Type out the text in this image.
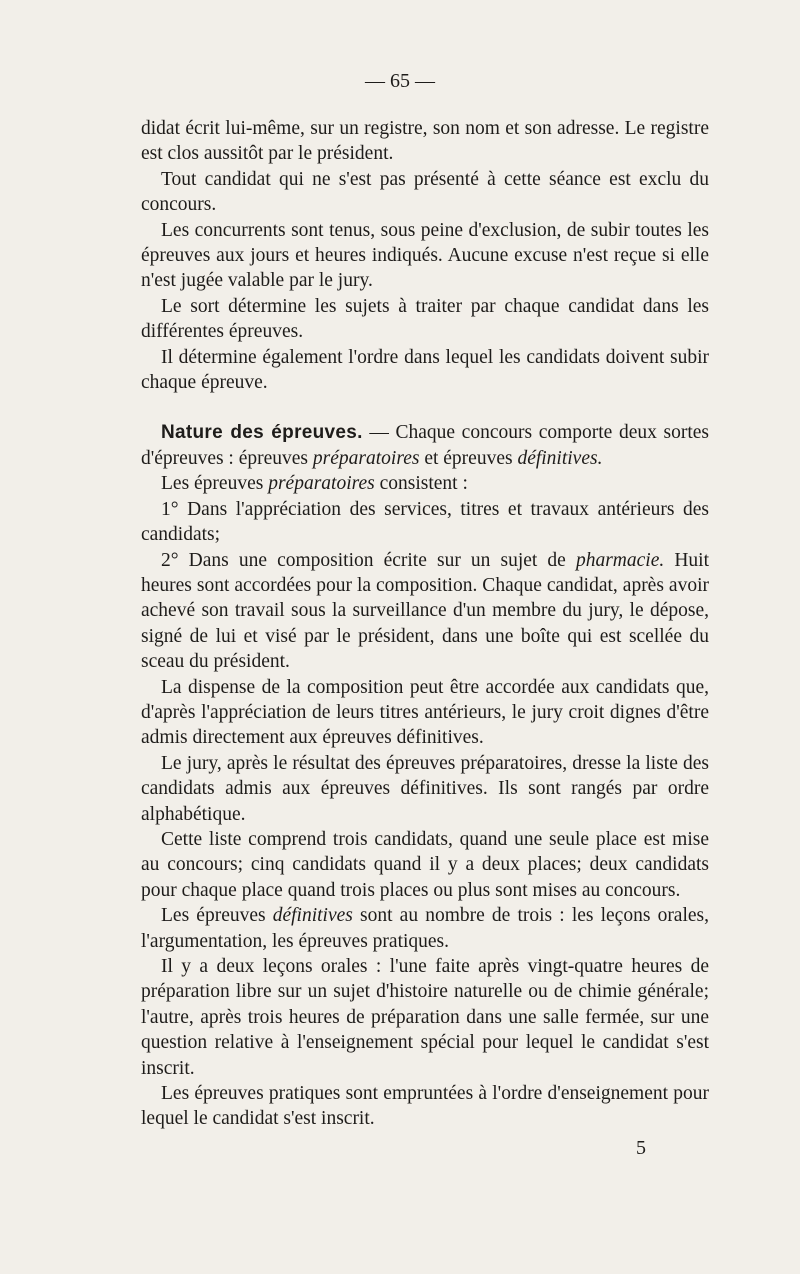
— 65 —

didat écrit lui-même, sur un registre, son nom et son adresse. Le registre est clos aussitôt par le président.

Tout candidat qui ne s'est pas présenté à cette séance est exclu du concours.

Les concurrents sont tenus, sous peine d'exclusion, de subir toutes les épreuves aux jours et heures indiqués. Aucune excuse n'est reçue si elle n'est jugée valable par le jury.

Le sort détermine les sujets à traiter par chaque candidat dans les différentes épreuves.

Il détermine également l'ordre dans lequel les candidats doivent subir chaque épreuve.

Nature des épreuves. — Chaque concours comporte deux sortes d'épreuves : épreuves préparatoires et épreuves définitives.

Les épreuves préparatoires consistent :

1° Dans l'appréciation des services, titres et travaux antérieurs des candidats;

2° Dans une composition écrite sur un sujet de pharmacie. Huit heures sont accordées pour la composition. Chaque candidat, après avoir achevé son travail sous la surveillance d'un membre du jury, le dépose, signé de lui et visé par le président, dans une boîte qui est scellée du sceau du président.

La dispense de la composition peut être accordée aux candidats que, d'après l'appréciation de leurs titres antérieurs, le jury croit dignes d'être admis directement aux épreuves définitives.

Le jury, après le résultat des épreuves préparatoires, dresse la liste des candidats admis aux épreuves définitives. Ils sont rangés par ordre alphabétique.

Cette liste comprend trois candidats, quand une seule place est mise au concours; cinq candidats quand il y a deux places; deux candidats pour chaque place quand trois places ou plus sont mises au concours.

Les épreuves définitives sont au nombre de trois : les leçons orales, l'argumentation, les épreuves pratiques.

Il y a deux leçons orales : l'une faite après vingt-quatre heures de préparation libre sur un sujet d'histoire naturelle ou de chimie générale; l'autre, après trois heures de préparation dans une salle fermée, sur une question relative à l'enseignement spécial pour lequel le candidat s'est inscrit.

Les épreuves pratiques sont empruntées à l'ordre d'enseignement pour lequel le candidat s'est inscrit.

5
